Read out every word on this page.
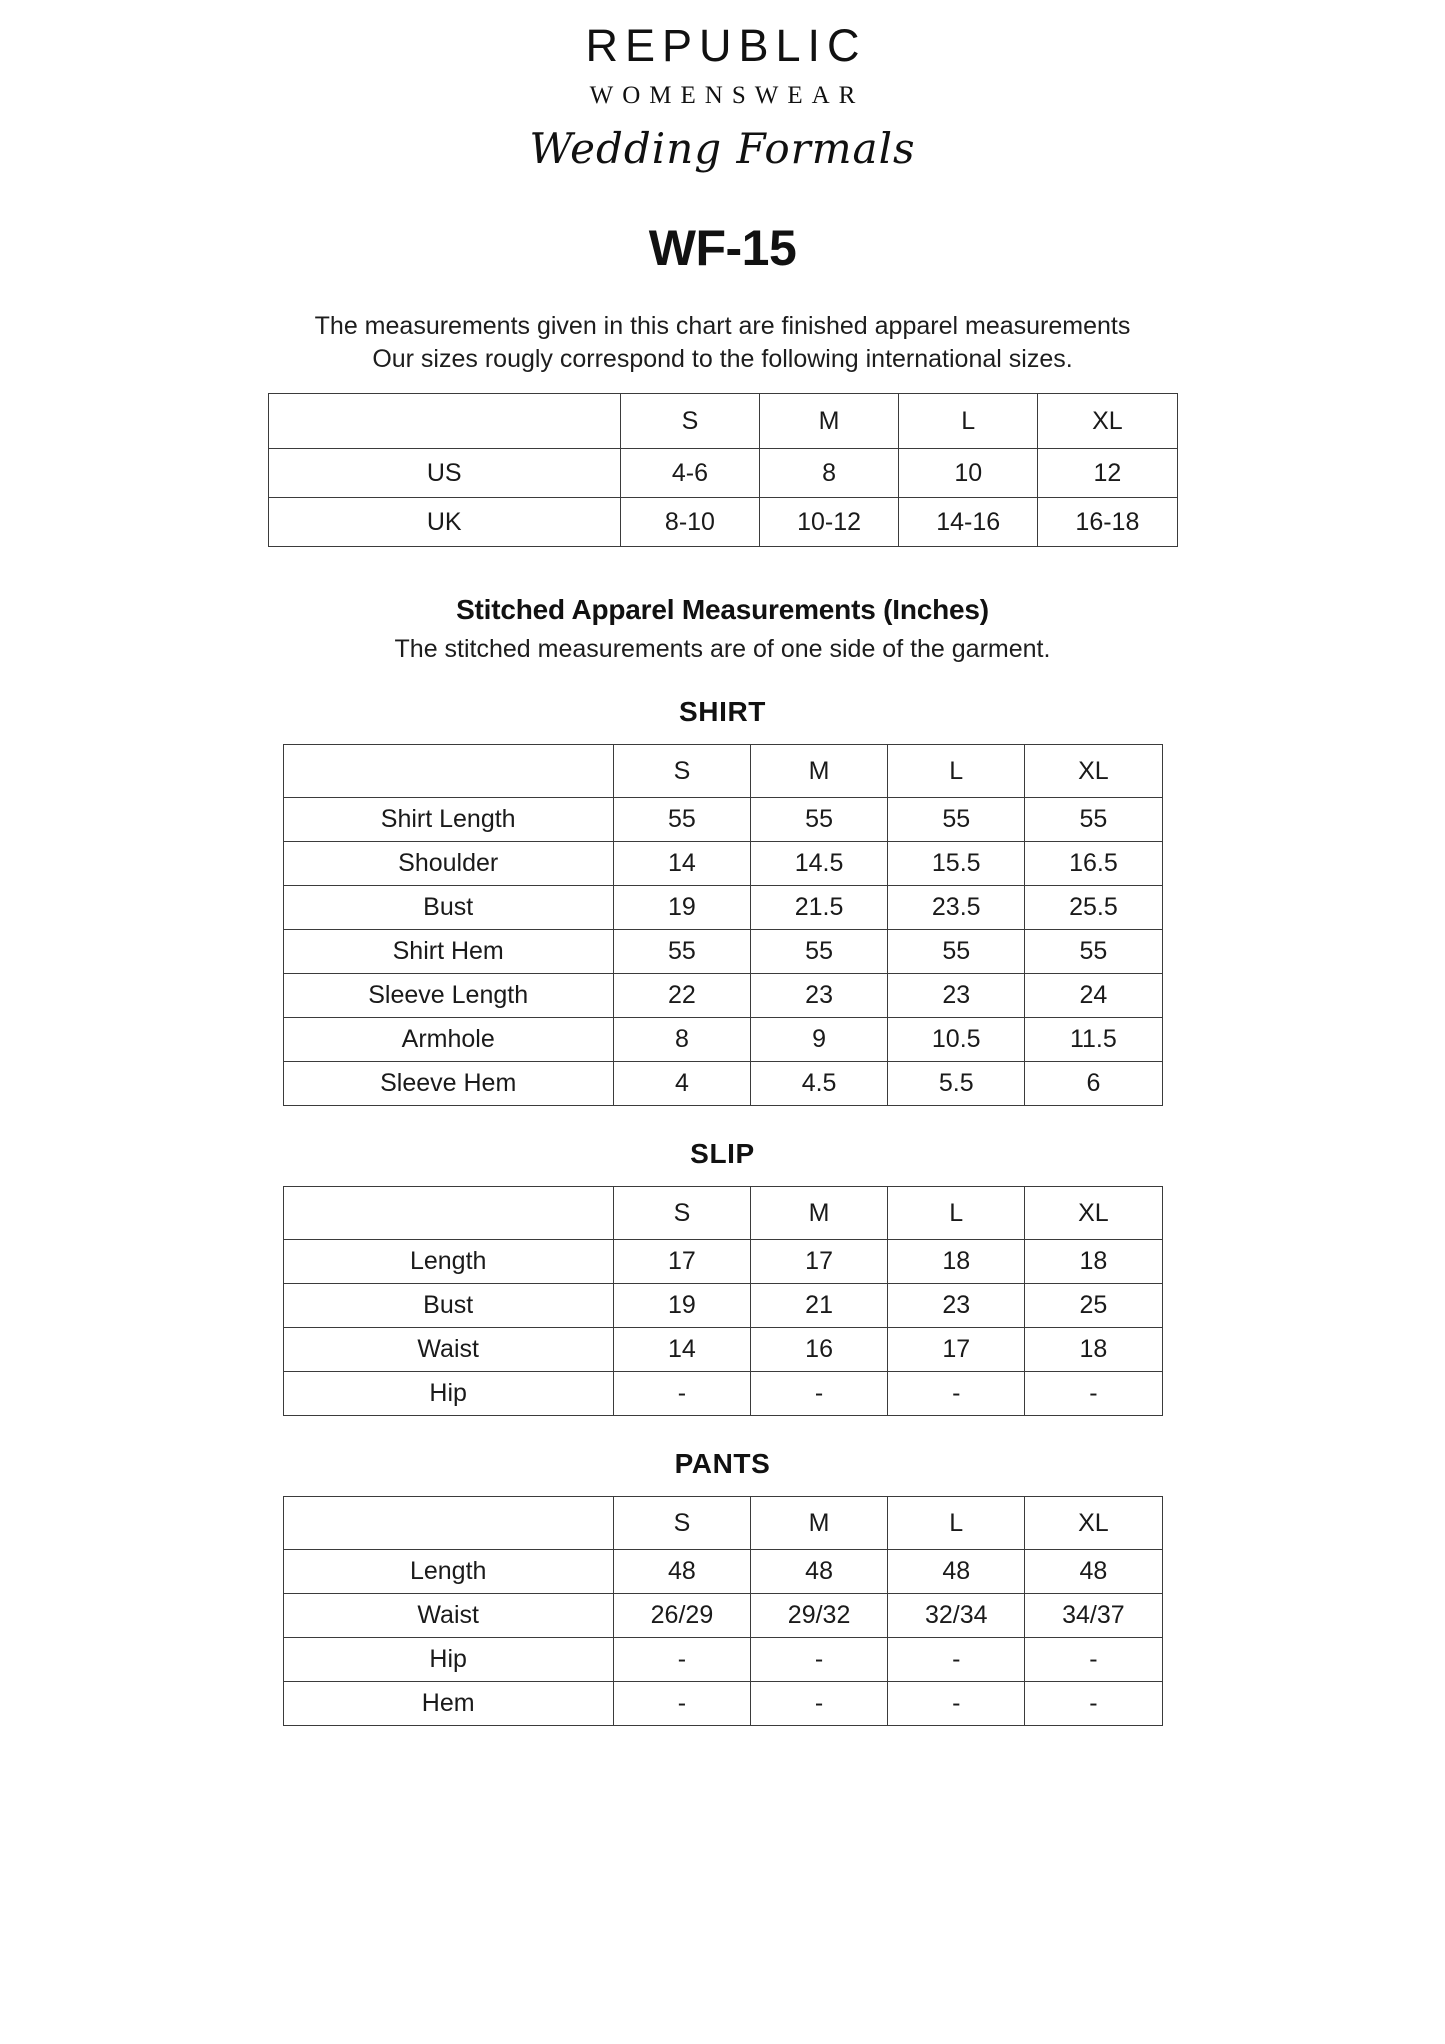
REPUBLIC
WOMENSWEAR
Wedding Formals
WF-15
The measurements given in this chart are finished apparel measurements
Our sizes rougly correspond to the following international sizes.
	S	M	L	XL
US	4-6	8	10	12
UK	8-10	10-12	14-16	16-18
Stitched Apparel Measurements (Inches)
The stitched measurements are of one side of the garment.
SHIRT
	S	M	L	XL
Shirt Length	55	55	55	55
Shoulder	14	14.5	15.5	16.5
Bust	19	21.5	23.5	25.5
Shirt Hem	55	55	55	55
Sleeve Length	22	23	23	24
Armhole	8	9	10.5	11.5
Sleeve Hem	4	4.5	5.5	6
SLIP
	S	M	L	XL
Length	17	17	18	18
Bust	19	21	23	25
Waist	14	16	17	18
Hip	-	-	-	-
PANTS
	S	M	L	XL
Length	48	48	48	48
Waist	26/29	29/32	32/34	34/37
Hip	-	-	-	-
Hem	-	-	-	-
